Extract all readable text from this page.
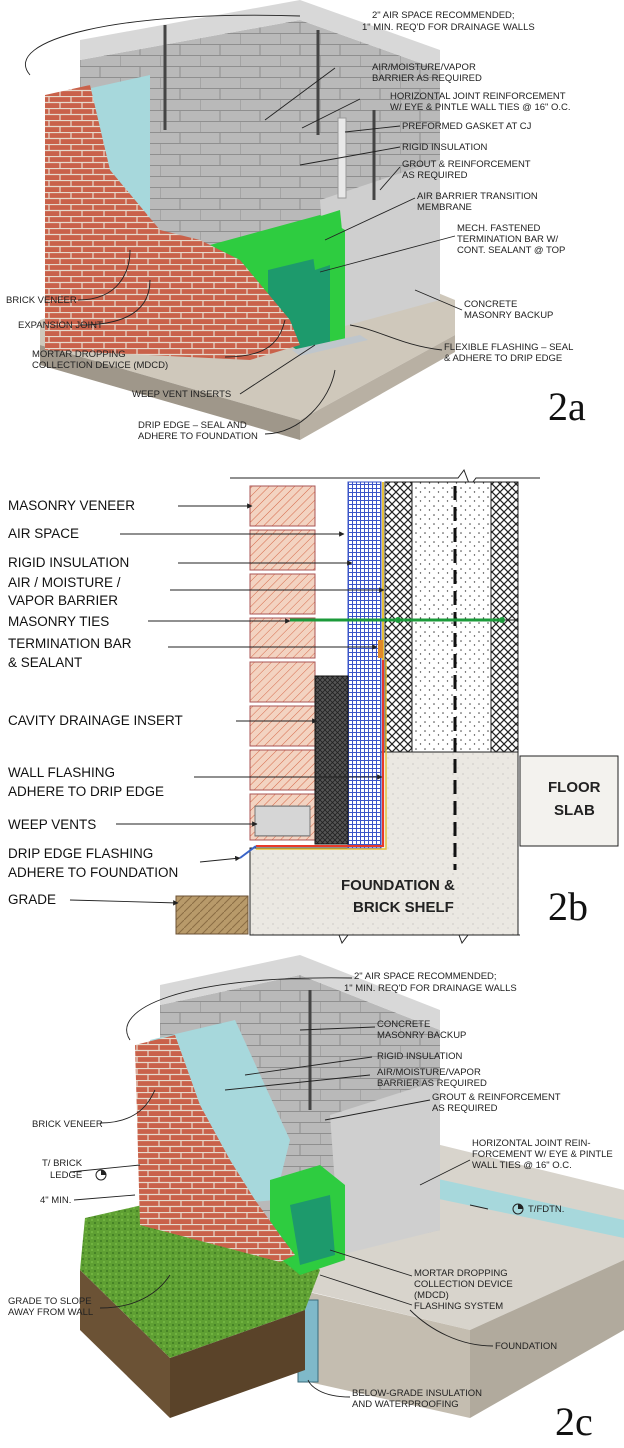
2" AIR SPACE RECOMMENDED;
1" MIN. REQ'D FOR DRAINAGE WALLS
AIR/MOISTURE/VAPOR
BARRIER AS REQUIRED
HORIZONTAL JOINT REINFORCEMENT
W/ EYE & PINTLE WALL TIES @ 16" O.C.
PREFORMED GASKET AT CJ
RIGID INSULATION
GROUT & REINFORCEMENT
AS REQUIRED
AIR BARRIER TRANSITION
MEMBRANE
MECH. FASTENED
TERMINATION BAR W/
CONT. SEALANT @ TOP
BRICK VENEER
EXPANSION JOINT
CONCRETE
MASONRY BACKUP
MORTAR DROPPING
COLLECTION DEVICE (MDCD)
FLEXIBLE FLASHING – SEAL
& ADHERE TO DRIP EDGE
WEEP VENT INSERTS
DRIP EDGE – SEAL AND
ADHERE TO FOUNDATION
2a
FLOOR
SLAB
FOUNDATION &
BRICK SHELF
MASONRY VENEER
AIR SPACE
RIGID INSULATION
AIR / MOISTURE /
VAPOR BARRIER
MASONRY TIES
TERMINATION BAR
& SEALANT
CAVITY DRAINAGE INSERT
WALL FLASHING
ADHERE TO DRIP EDGE
WEEP VENTS
DRIP EDGE FLASHING
ADHERE TO FOUNDATION
GRADE	2b
2" AIR SPACE RECOMMENDED;
1" MIN. REQ'D FOR DRAINAGE WALLS
CONCRETE
MASONRY BACKUP
RIGID INSULATION
AIR/MOISTURE/VAPOR
BARRIER AS REQUIRED
BRICK VENEER
GROUT & REINFORCEMENT
AS REQUIRED
HORIZONTAL JOINT REIN-
FORCEMENT W/ EYE & PINTLE
WALL TIES @ 16" O.C.
T/ BRICK
LEDGE
4" MIN.
T/FDTN.
MORTAR DROPPING
COLLECTION DEVICE
(MDCD)
FLASHING SYSTEM
GRADE TO SLOPE
AWAY FROM WALL
FOUNDATION
BELOW-GRADE INSULATION
AND WATERPROOFING 2c
